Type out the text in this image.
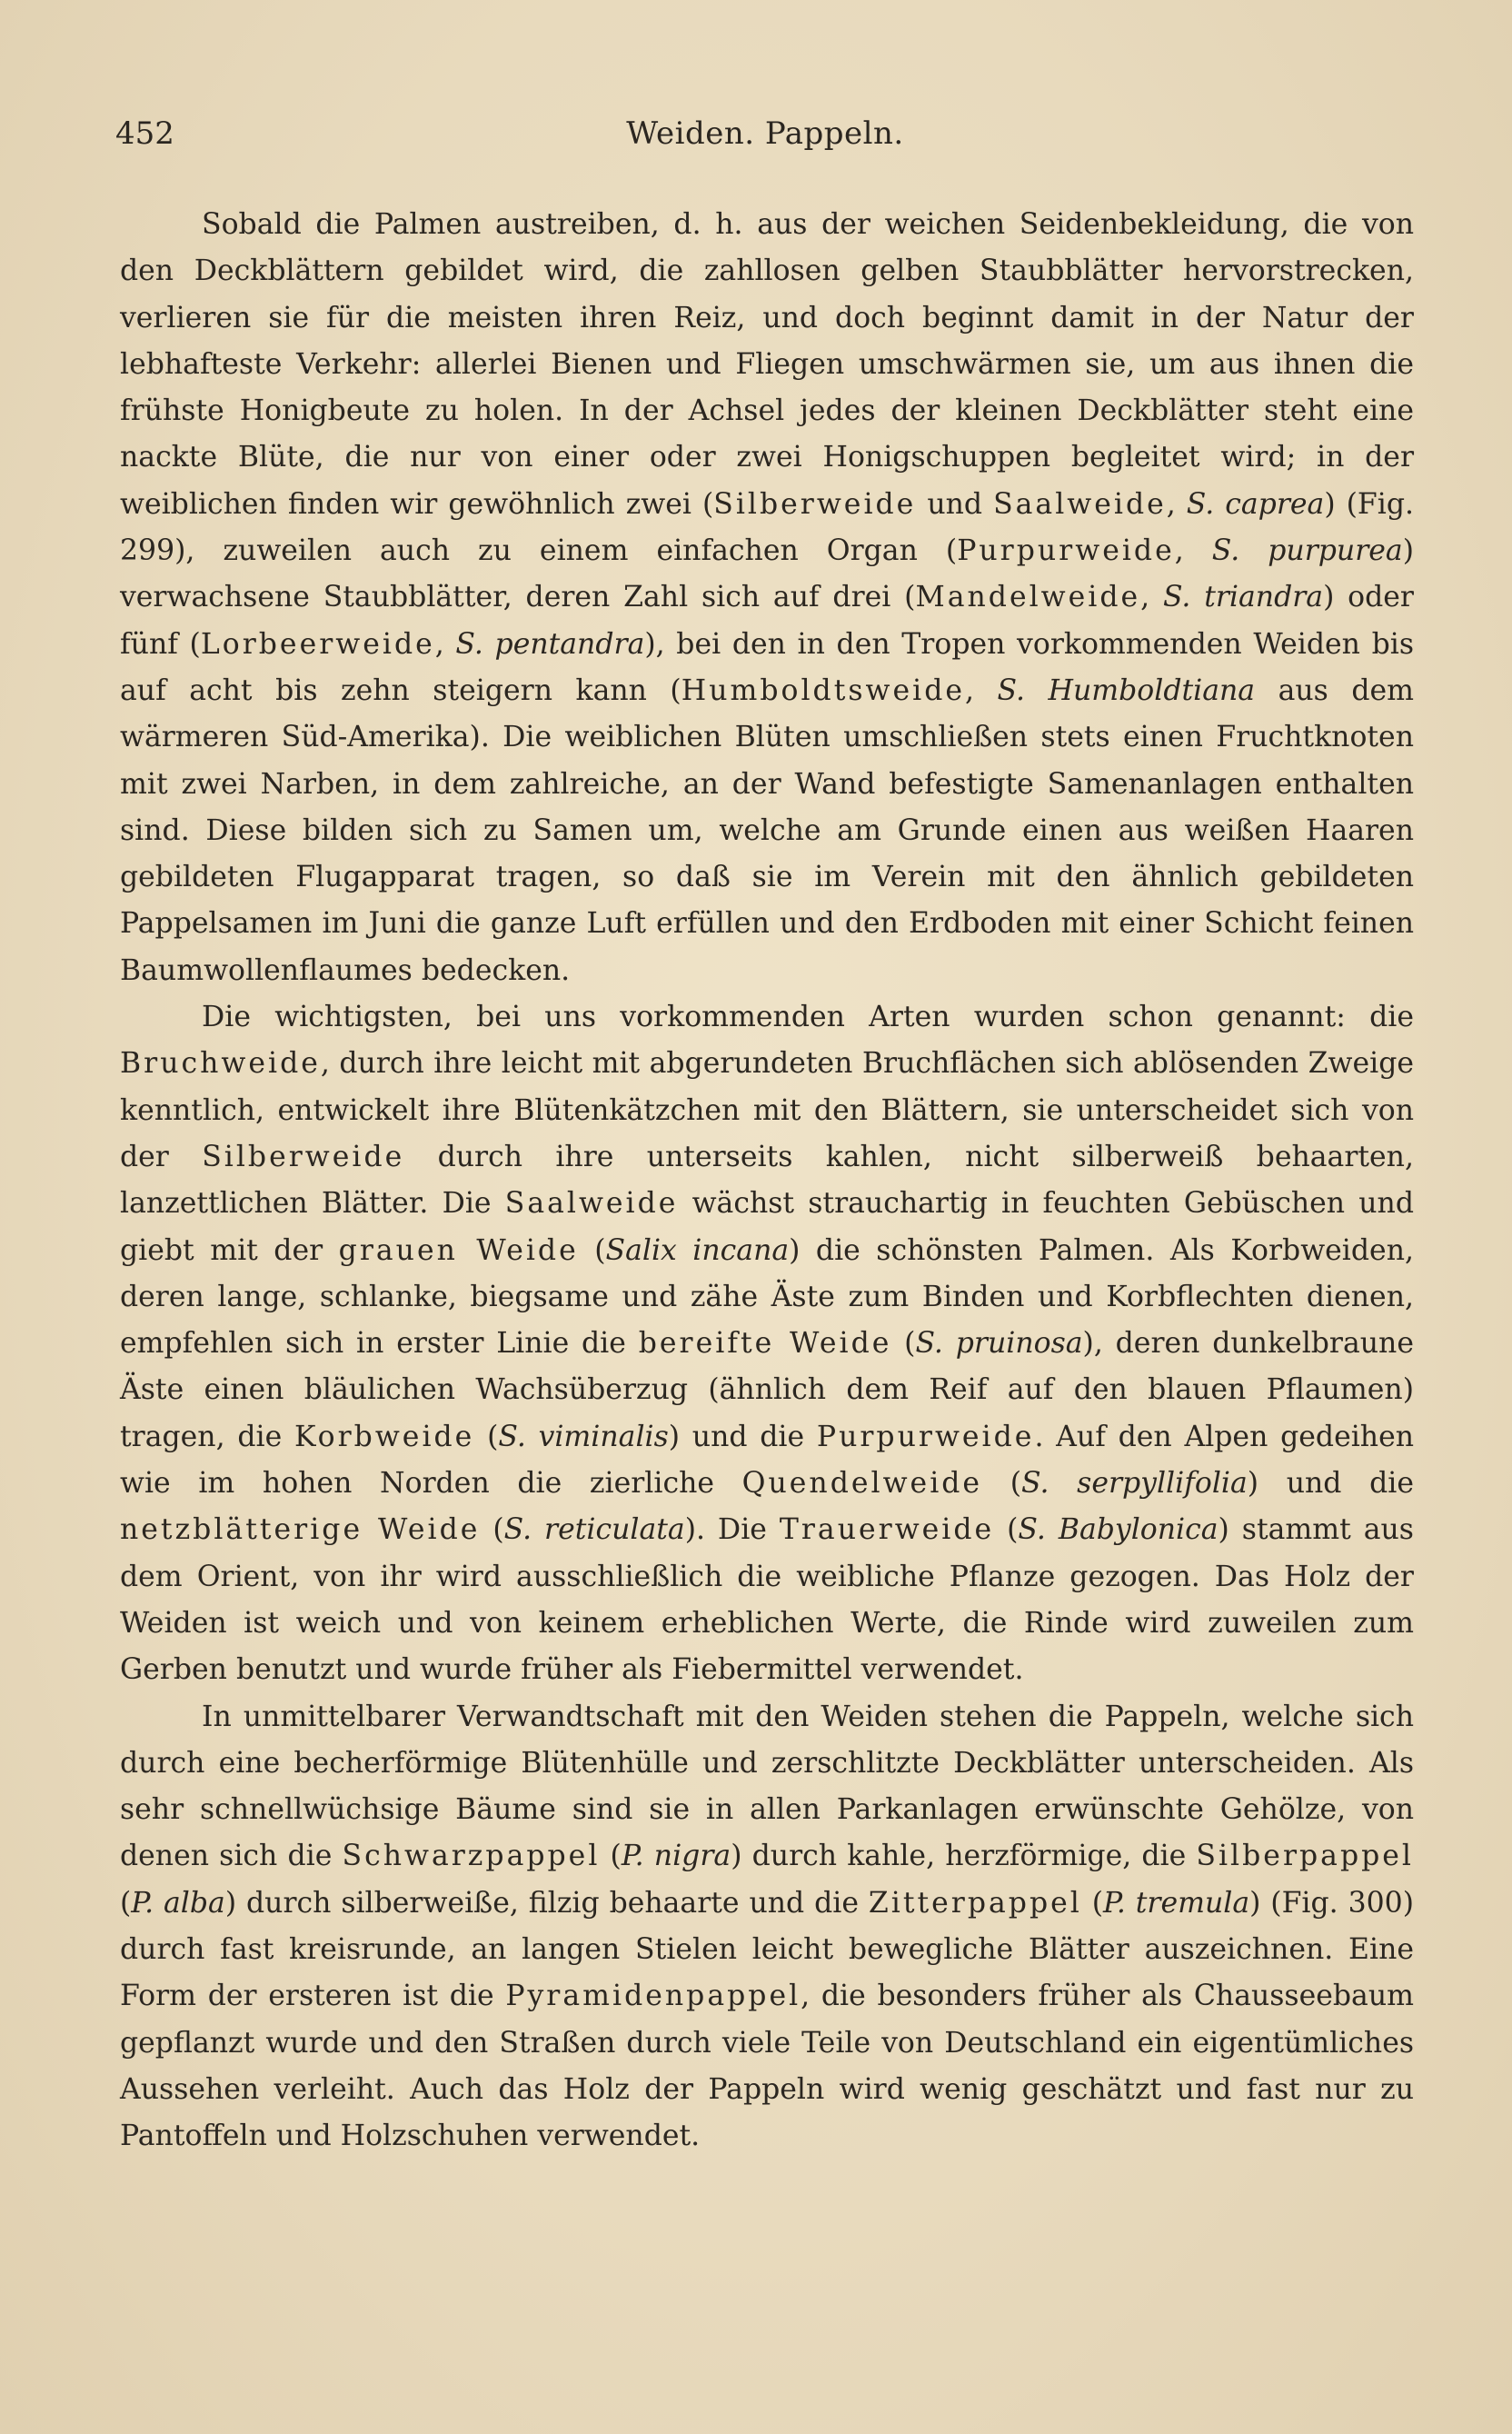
452	Weiden. Pappeln.

Sobald die Palmen austreiben, d. h. aus der weichen Seidenbekleidung, die von den Deckblättern gebildet wird, die zahllosen gelben Staubblätter hervorstrecken, verlieren sie für die meisten ihren Reiz, und doch beginnt damit in der Natur der lebhafteste Verkehr: allerlei Bienen und Fliegen umschwärmen sie, um aus ihnen die frühste Honigbeute zu holen. In der Achsel jedes der kleinen Deckblätter steht eine nackte Blüte, die nur von einer oder zwei Honigschuppen begleitet wird; in der weiblichen finden wir gewöhnlich zwei (Silberweide und Saalweide, S. caprea) (Fig. 299), zuweilen auch zu einem einfachen Organ (Purpurweide, S. purpurea) verwachsene Staubblätter, deren Zahl sich auf drei (Mandelweide, S. triandra) oder fünf (Lorbeerweide, S. pentandra), bei den in den Tropen vorkommenden Weiden bis auf acht bis zehn steigern kann (Humboldtsweide, S. Humboldtiana aus dem wärmeren Süd-Amerika). Die weiblichen Blüten umschließen stets einen Fruchtknoten mit zwei Narben, in dem zahlreiche, an der Wand befestigte Samenanlagen enthalten sind. Diese bilden sich zu Samen um, welche am Grunde einen aus weißen Haaren gebildeten Flugapparat tragen, so daß sie im Verein mit den ähnlich gebildeten Pappelsamen im Juni die ganze Luft erfüllen und den Erdboden mit einer Schicht feinen Baumwollenflaumes bedecken.

Die wichtigsten, bei uns vorkommenden Arten wurden schon genannt: die Bruchweide, durch ihre leicht mit abgerundeten Bruchflächen sich ablösenden Zweige kenntlich, entwickelt ihre Blütenkätzchen mit den Blättern, sie unterscheidet sich von der Silberweide durch ihre unterseits kahlen, nicht silberweiß behaarten, lanzettlichen Blätter. Die Saalweide wächst strauchartig in feuchten Gebüschen und giebt mit der grauen Weide (Salix incana) die schönsten Palmen. Als Korbweiden, deren lange, schlanke, biegsame und zähe Äste zum Binden und Korbflechten dienen, empfehlen sich in erster Linie die bereifte Weide (S. pruinosa), deren dunkelbraune Äste einen bläulichen Wachsüberzug (ähnlich dem Reif auf den blauen Pflaumen) tragen, die Korbweide (S. viminalis) und die Purpurweide. Auf den Alpen gedeihen wie im hohen Norden die zierliche Quendelweide (S. serpyllifolia) und die netzblätterige Weide (S. reticulata). Die Trauerweide (S. Babylonica) stammt aus dem Orient, von ihr wird ausschließlich die weibliche Pflanze gezogen. Das Holz der Weiden ist weich und von keinem erheblichen Werte, die Rinde wird zuweilen zum Gerben benutzt und wurde früher als Fiebermittel verwendet.

In unmittelbarer Verwandtschaft mit den Weiden stehen die Pappeln, welche sich durch eine becherförmige Blütenhülle und zerschlitzte Deckblätter unterscheiden. Als sehr schnellwüchsige Bäume sind sie in allen Parkanlagen erwünschte Gehölze, von denen sich die Schwarzpappel (P. nigra) durch kahle, herzförmige, die Silberpappel (P. alba) durch silberweiße, filzig behaarte und die Zitterpappel (P. tremula) (Fig. 300) durch fast kreisrunde, an langen Stielen leicht bewegliche Blätter auszeichnen. Eine Form der ersteren ist die Pyramidenpappel, die besonders früher als Chausseebaum gepflanzt wurde und den Straßen durch viele Teile von Deutschland ein eigentümliches Aussehen verleiht. Auch das Holz der Pappeln wird wenig geschätzt und fast nur zu Pantoffeln und Holzschuhen verwendet.
